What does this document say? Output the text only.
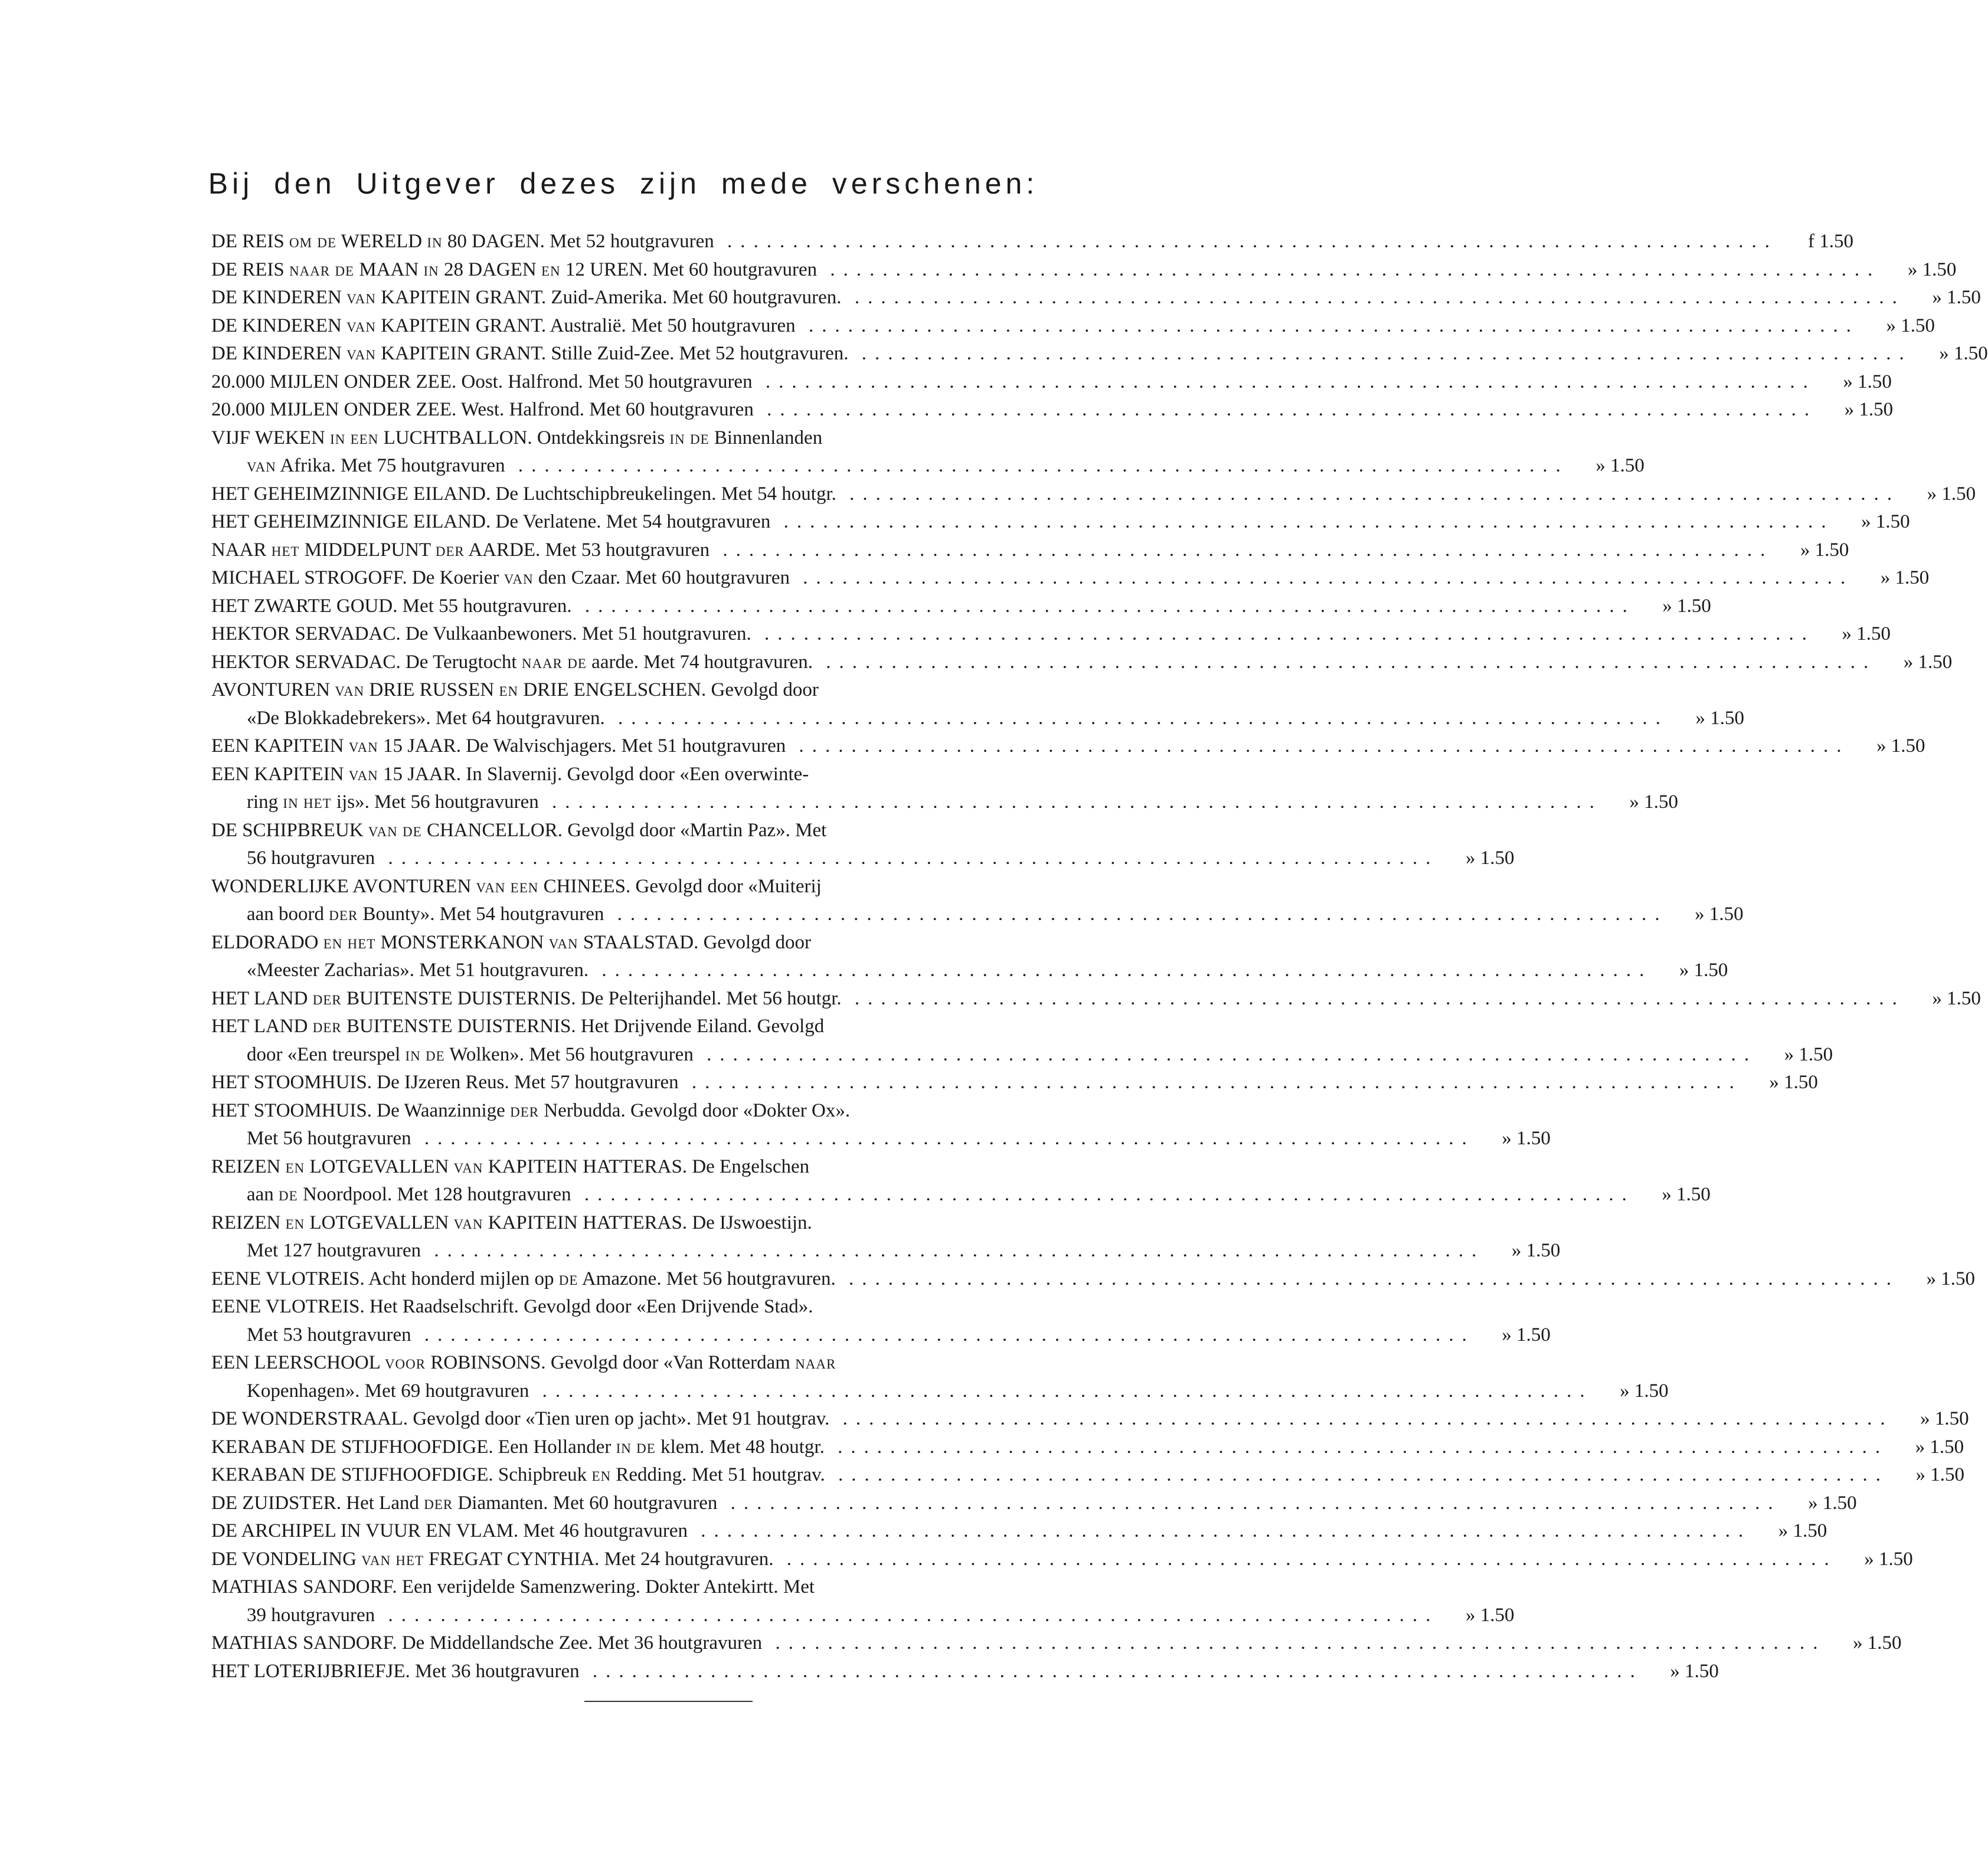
Bij den Uitgever dezes zijn mede verschenen:
DE REIS OM DE WERELD IN 80 DAGEN. Met 52 houtgravuren ................................................................................	f 1.50
DE REIS NAAR DE MAAN IN 28 DAGEN EN 12 UREN. Met 60 houtgravuren ................................................................................	» 1.50
DE KINDEREN VAN KAPITEIN GRANT. Zuid-Amerika. Met 60 houtgravuren. ................................................................................	» 1.50
DE KINDEREN VAN KAPITEIN GRANT. Australië. Met 50 houtgravuren ................................................................................	» 1.50
DE KINDEREN VAN KAPITEIN GRANT. Stille Zuid-Zee. Met 52 houtgravuren. ................................................................................	» 1.50
20.000 MIJLEN ONDER ZEE. Oost. Halfrond. Met 50 houtgravuren ................................................................................	» 1.50
20.000 MIJLEN ONDER ZEE. West. Halfrond. Met 60 houtgravuren ................................................................................	» 1.50
VIJF WEKEN IN EEN LUCHTBALLON. Ontdekkingsreis IN DE Binnenlanden
VAN Afrika. Met 75 houtgravuren ................................................................................	» 1.50
HET GEHEIMZINNIGE EILAND. De Luchtschipbreukelingen. Met 54 houtgr. ................................................................................	» 1.50
HET GEHEIMZINNIGE EILAND. De Verlatene. Met 54 houtgravuren ................................................................................	» 1.50
NAAR HET MIDDELPUNT DER AARDE. Met 53 houtgravuren ................................................................................	» 1.50
MICHAEL STROGOFF. De Koerier VAN den Czaar. Met 60 houtgravuren ................................................................................	» 1.50
HET ZWARTE GOUD. Met 55 houtgravuren. ................................................................................	» 1.50
HEKTOR SERVADAC. De Vulkaanbewoners. Met 51 houtgravuren. ................................................................................	» 1.50
HEKTOR SERVADAC. De Terugtocht NAAR DE aarde. Met 74 houtgravuren. ................................................................................	» 1.50
AVONTUREN VAN DRIE RUSSEN EN DRIE ENGELSCHEN. Gevolgd door
«De Blokkadebrekers». Met 64 houtgravuren. ................................................................................	» 1.50
EEN KAPITEIN VAN 15 JAAR. De Walvischjagers. Met 51 houtgravuren ................................................................................	» 1.50
EEN KAPITEIN VAN 15 JAAR. In Slavernij. Gevolgd door «Een overwinte-
ring IN HET ijs». Met 56 houtgravuren ................................................................................	» 1.50
DE SCHIPBREUK VAN DE CHANCELLOR. Gevolgd door «Martin Paz». Met
56 houtgravuren ................................................................................	» 1.50
WONDERLIJKE AVONTUREN VAN EEN CHINEES. Gevolgd door «Muiterij
aan boord DER Bounty». Met 54 houtgravuren ................................................................................	» 1.50
ELDORADO EN HET MONSTERKANON VAN STAALSTAD. Gevolgd door
«Meester Zacharias». Met 51 houtgravuren. ................................................................................	» 1.50
HET LAND DER BUITENSTE DUISTERNIS. De Pelterijhandel. Met 56 houtgr. ................................................................................	» 1.50
HET LAND DER BUITENSTE DUISTERNIS. Het Drijvende Eiland. Gevolgd
door «Een treurspel IN DE Wolken». Met 56 houtgravuren ................................................................................	» 1.50
HET STOOMHUIS. De IJzeren Reus. Met 57 houtgravuren ................................................................................	» 1.50
HET STOOMHUIS. De Waanzinnige DER Nerbudda. Gevolgd door «Dokter Ox».
Met 56 houtgravuren ................................................................................	» 1.50
REIZEN EN LOTGEVALLEN VAN KAPITEIN HATTERAS. De Engelschen
aan DE Noordpool. Met 128 houtgravuren ................................................................................	» 1.50
REIZEN EN LOTGEVALLEN VAN KAPITEIN HATTERAS. De IJswoestijn.
Met 127 houtgravuren ................................................................................	» 1.50
EENE VLOTREIS. Acht honderd mijlen op DE Amazone. Met 56 houtgravuren. ................................................................................	» 1.50
EENE VLOTREIS. Het Raadselschrift. Gevolgd door «Een Drijvende Stad».
Met 53 houtgravuren ................................................................................	» 1.50
EEN LEERSCHOOL VOOR ROBINSONS. Gevolgd door «Van Rotterdam NAAR
Kopenhagen». Met 69 houtgravuren ................................................................................	» 1.50
DE WONDERSTRAAL. Gevolgd door «Tien uren op jacht». Met 91 houtgrav. ................................................................................	» 1.50
KERABAN DE STIJFHOOFDIGE. Een Hollander IN DE klem. Met 48 houtgr. ................................................................................	» 1.50
KERABAN DE STIJFHOOFDIGE. Schipbreuk EN Redding. Met 51 houtgrav. ................................................................................	» 1.50
DE ZUIDSTER. Het Land DER Diamanten. Met 60 houtgravuren ................................................................................	» 1.50
DE ARCHIPEL IN VUUR EN VLAM. Met 46 houtgravuren ................................................................................	» 1.50
DE VONDELING VAN HET FREGAT CYNTHIA. Met 24 houtgravuren. ................................................................................	» 1.50
MATHIAS SANDORF. Een verijdelde Samenzwering. Dokter Antekirtt. Met
39 houtgravuren ................................................................................	» 1.50
MATHIAS SANDORF. De Middellandsche Zee. Met 36 houtgravuren ................................................................................	» 1.50
HET LOTERIJBRIEFJE. Met 36 houtgravuren ................................................................................	» 1.50
